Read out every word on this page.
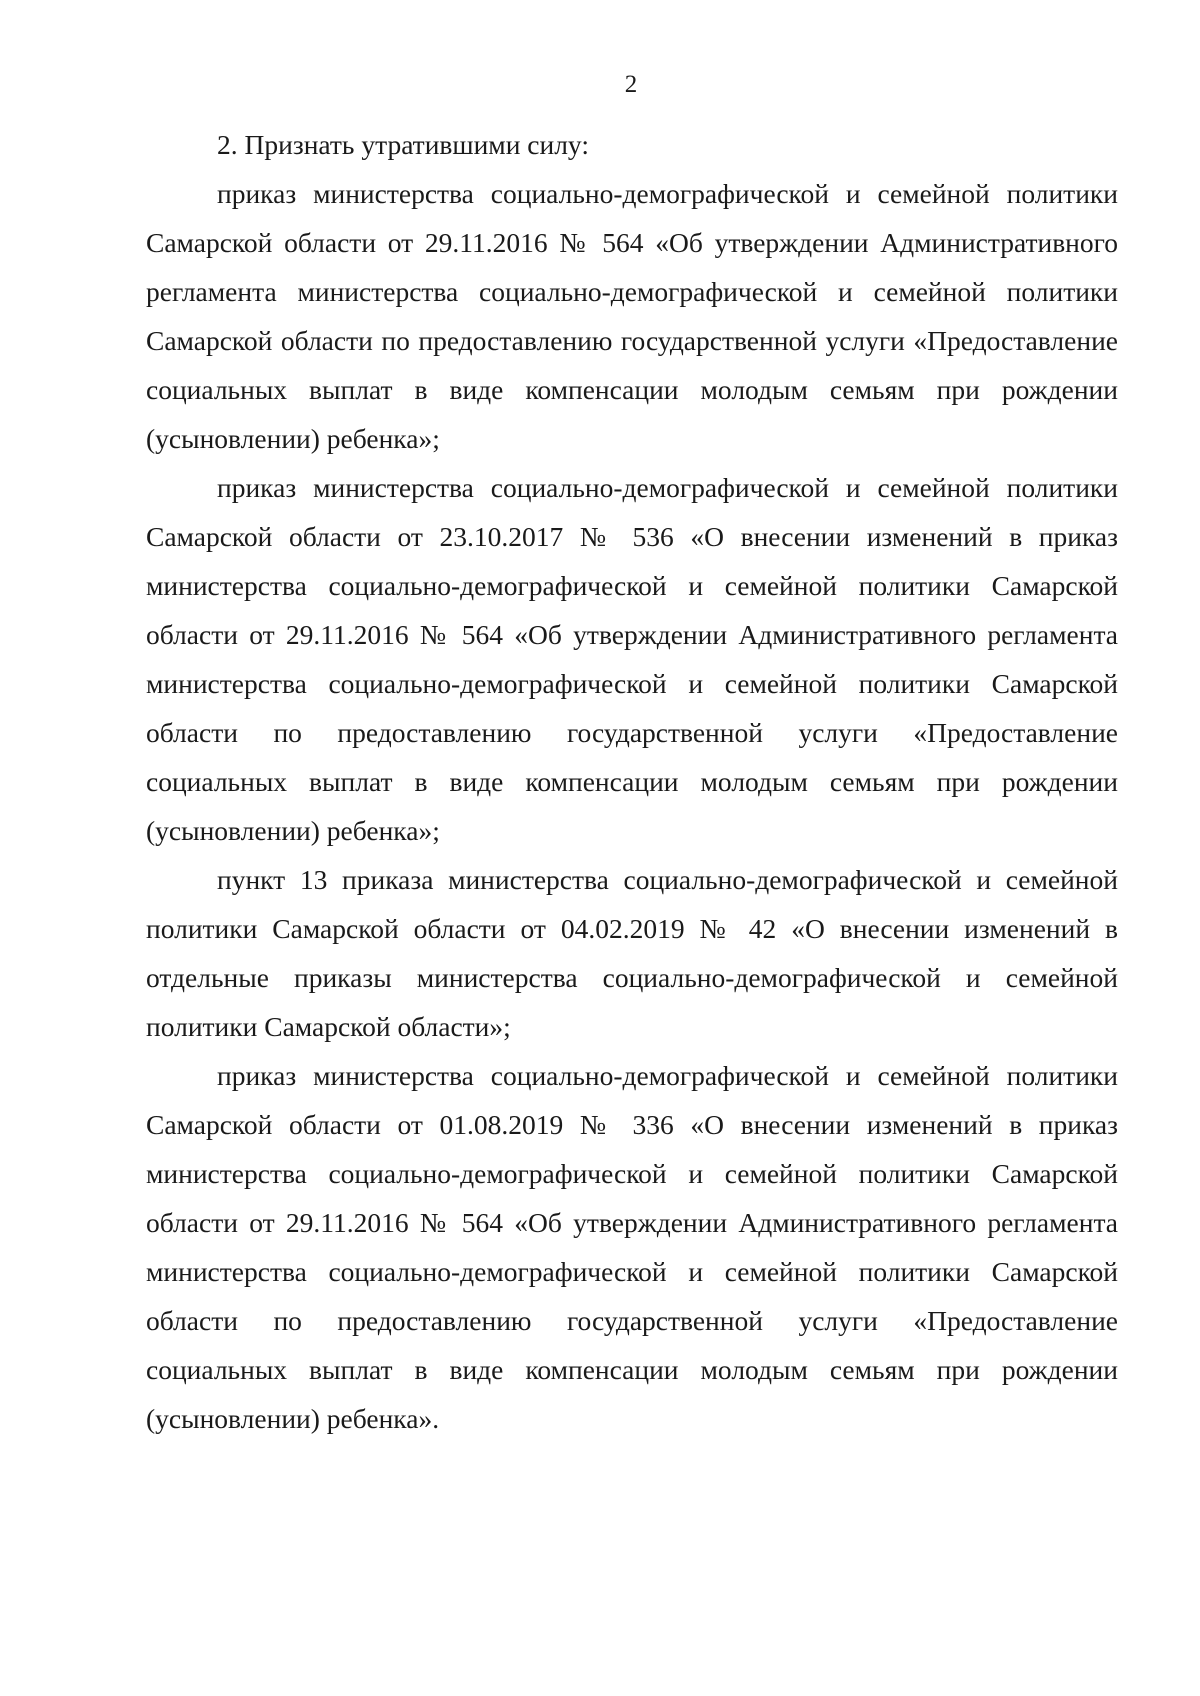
2

2. Признать утратившими силу:

приказ министерства социально-демографической и семейной политики Самарской области от 29.11.2016 № 564 «Об утверждении Административного регламента министерства социально-демографической и семейной политики Самарской области по предоставлению государственной услуги «Предоставление социальных выплат в виде компенсации молодым семьям при рождении (усыновлении) ребенка»;

приказ министерства социально-демографической и семейной политики Самарской области от 23.10.2017 № 536 «О внесении изменений в приказ министерства социально-демографической и семейной политики Самарской области от 29.11.2016 № 564 «Об утверждении Административного регламента министерства социально-демографической и семейной политики Самарской области по предоставлению государственной услуги «Предоставление социальных выплат в виде компенсации молодым семьям при рождении (усыновлении) ребенка»;

пункт 13 приказа министерства социально-демографической и семейной политики Самарской области от 04.02.2019 № 42 «О внесении изменений в отдельные приказы министерства социально-демографической и семейной политики Самарской области»;

приказ министерства социально-демографической и семейной политики Самарской области от 01.08.2019 № 336 «О внесении изменений в приказ министерства социально-демографической и семейной политики Самарской области от 29.11.2016 № 564 «Об утверждении Административного регламента министерства социально-демографической и семейной политики Самарской области по предоставлению государственной услуги «Предоставление социальных выплат в виде компенсации молодым семьям при рождении (усыновлении) ребенка».
